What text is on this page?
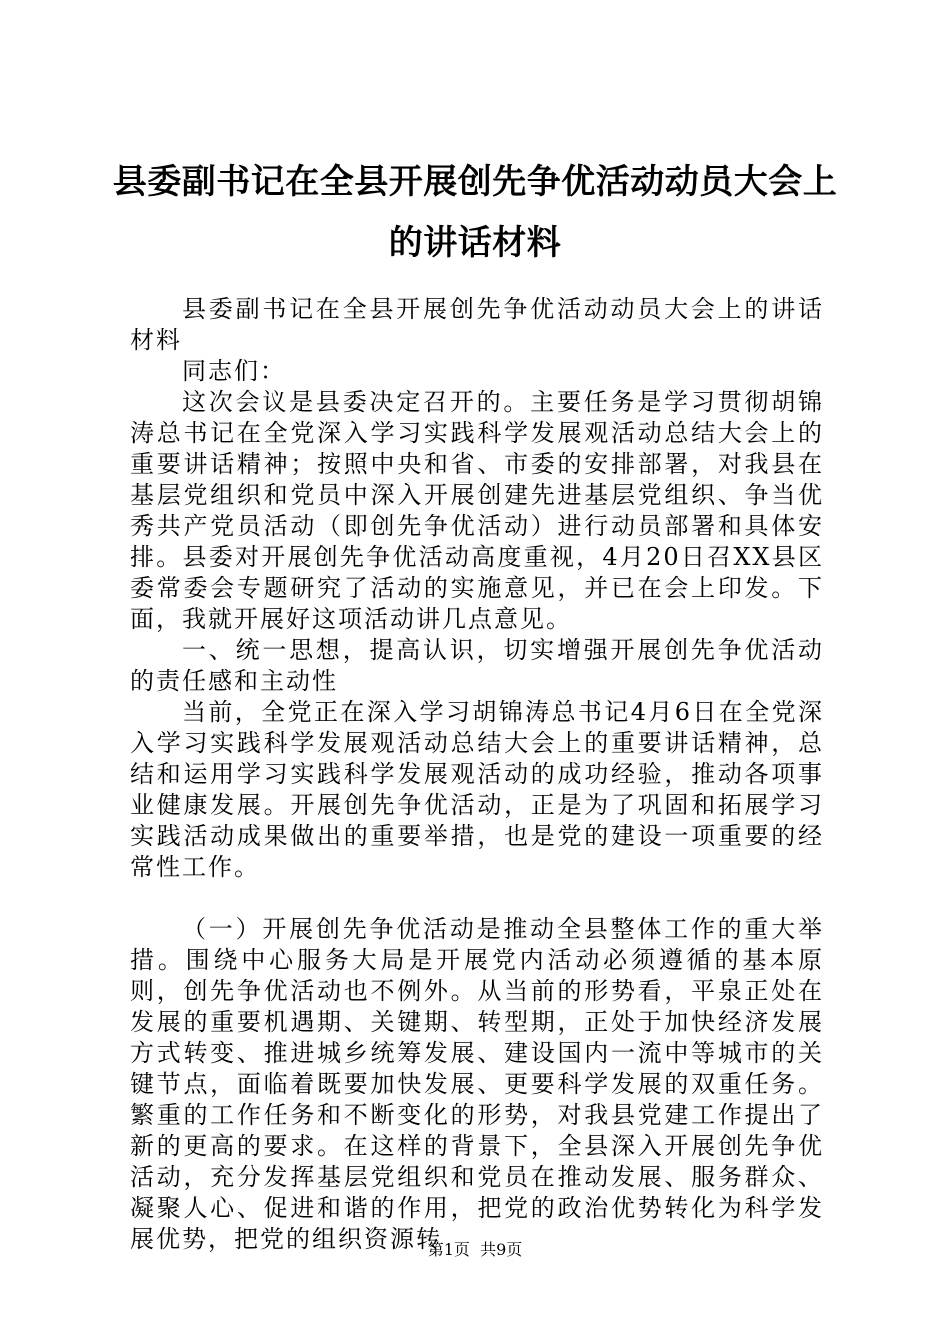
县委副书记在全县开展创先争优活动动员大会上的讲话材料

县委副书记在全县开展创先争优活动动员大会上的讲话材料

同志们：

这次会议是县委决定召开的。主要任务是学习贯彻胡锦涛总书记在全党深入学习实践科学发展观活动总结大会上的重要讲话精神；按照中央和省、市委的安排部署，对我县在基层党组织和党员中深入开展创建先进基层党组织、争当优秀共产党员活动（即创先争优活动）进行动员部署和具体安排。县委对开展创先争优活动高度重视，4月20日召XX县区委常委会专题研究了活动的实施意见，并已在会上印发。下面，我就开展好这项活动讲几点意见。

一、统一思想，提高认识，切实增强开展创先争优活动的责任感和主动性

当前，全党正在深入学习胡锦涛总书记4月6日在全党深入学习实践科学发展观活动总结大会上的重要讲话精神，总结和运用学习实践科学发展观活动的成功经验，推动各项事业健康发展。开展创先争优活动，正是为了巩固和拓展学习实践活动成果做出的重要举措，也是党的建设一项重要的经常性工作。

（一）开展创先争优活动是推动全县整体工作的重大举措。围绕中心服务大局是开展党内活动必须遵循的基本原则，创先争优活动也不例外。从当前的形势看，平泉正处在发展的重要机遇期、关键期、转型期，正处于加快经济发展方式转变、推进城乡统筹发展、建设国内一流中等城市的关键节点，面临着既要加快发展、更要科学发展的双重任务。繁重的工作任务和不断变化的形势，对我县党建工作提出了新的更高的要求。在这样的背景下，全县深入开展创先争优活动，充分发挥基层党组织和党员在推动发展、服务群众、凝聚人心、促进和谐的作用，把党的政治优势转化为科学发展优势，把党的组织资源转

第1页 共9页
